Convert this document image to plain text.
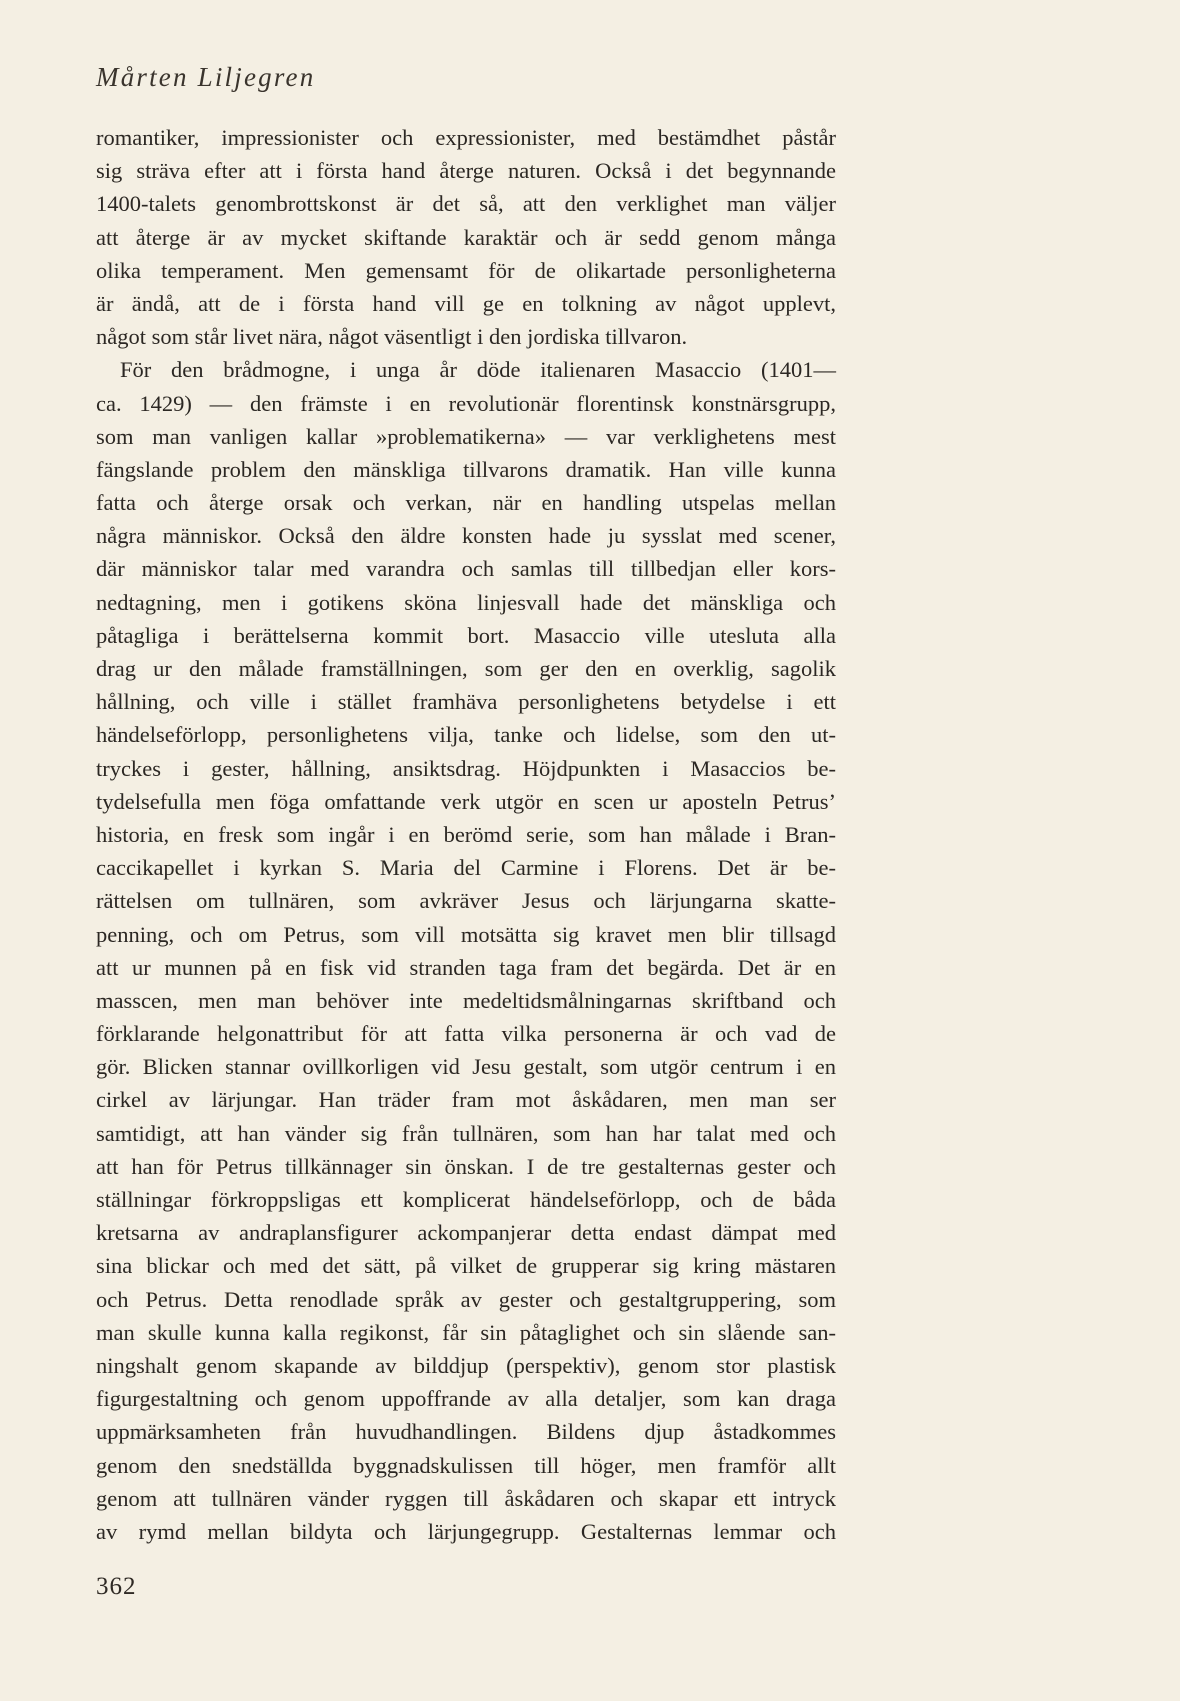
Mårten Liljegren
romantiker, impressionister och expressionister, med bestämdhet påstår
sig sträva efter att i första hand återge naturen. Också i det begynnande
1400-talets genombrottskonst är det så, att den verklighet man väljer
att återge är av mycket skiftande karaktär och är sedd genom många
olika temperament. Men gemensamt för de olikartade personligheterna
är ändå, att de i första hand vill ge en tolkning av något upplevt,
något som står livet nära, något väsentligt i den jordiska tillvaron.
För den brådmogne, i unga år döde italienaren Masaccio (1401—
ca. 1429) — den främste i en revolutionär florentinsk konstnärsgrupp,
som man vanligen kallar »problematikerna» — var verklighetens mest
fängslande problem den mänskliga tillvarons dramatik. Han ville kunna
fatta och återge orsak och verkan, när en handling utspelas mellan
några människor. Också den äldre konsten hade ju sysslat med scener,
där människor talar med varandra och samlas till tillbedjan eller kors-
nedtagning, men i gotikens sköna linjesvall hade det mänskliga och
påtagliga i berättelserna kommit bort. Masaccio ville utesluta alla
drag ur den målade framställningen, som ger den en overklig, sagolik
hållning, och ville i stället framhäva personlighetens betydelse i ett
händelseförlopp, personlighetens vilja, tanke och lidelse, som den ut-
tryckes i gester, hållning, ansiktsdrag. Höjdpunkten i Masaccios be-
tydelsefulla men föga omfattande verk utgör en scen ur aposteln Petrus’
historia, en fresk som ingår i en berömd serie, som han målade i Bran-
caccikapellet i kyrkan S. Maria del Carmine i Florens. Det är be-
rättelsen om tullnären, som avkräver Jesus och lärjungarna skatte-
penning, och om Petrus, som vill motsätta sig kravet men blir tillsagd
att ur munnen på en fisk vid stranden taga fram det begärda. Det är en
masscen, men man behöver inte medeltidsmålningarnas skriftband och
förklarande helgonattribut för att fatta vilka personerna är och vad de
gör. Blicken stannar ovillkorligen vid Jesu gestalt, som utgör centrum i en
cirkel av lärjungar. Han träder fram mot åskådaren, men man ser
samtidigt, att han vänder sig från tullnären, som han har talat med och
att han för Petrus tillkännager sin önskan. I de tre gestalternas gester och
ställningar förkroppsligas ett komplicerat händelseförlopp, och de båda
kretsarna av andraplansfigurer ackompanjerar detta endast dämpat med
sina blickar och med det sätt, på vilket de grupperar sig kring mästaren
och Petrus. Detta renodlade språk av gester och gestaltgruppering, som
man skulle kunna kalla regikonst, får sin påtaglighet och sin slående san-
ningshalt genom skapande av bilddjup (perspektiv), genom stor plastisk
figurgestaltning och genom uppoffrande av alla detaljer, som kan draga
uppmärksamheten från huvudhandlingen. Bildens djup åstadkommes
genom den snedställda byggnadskulissen till höger, men framför allt
genom att tullnären vänder ryggen till åskådaren och skapar ett intryck
av rymd mellan bildyta och lärjungegrupp. Gestalternas lemmar och
362
